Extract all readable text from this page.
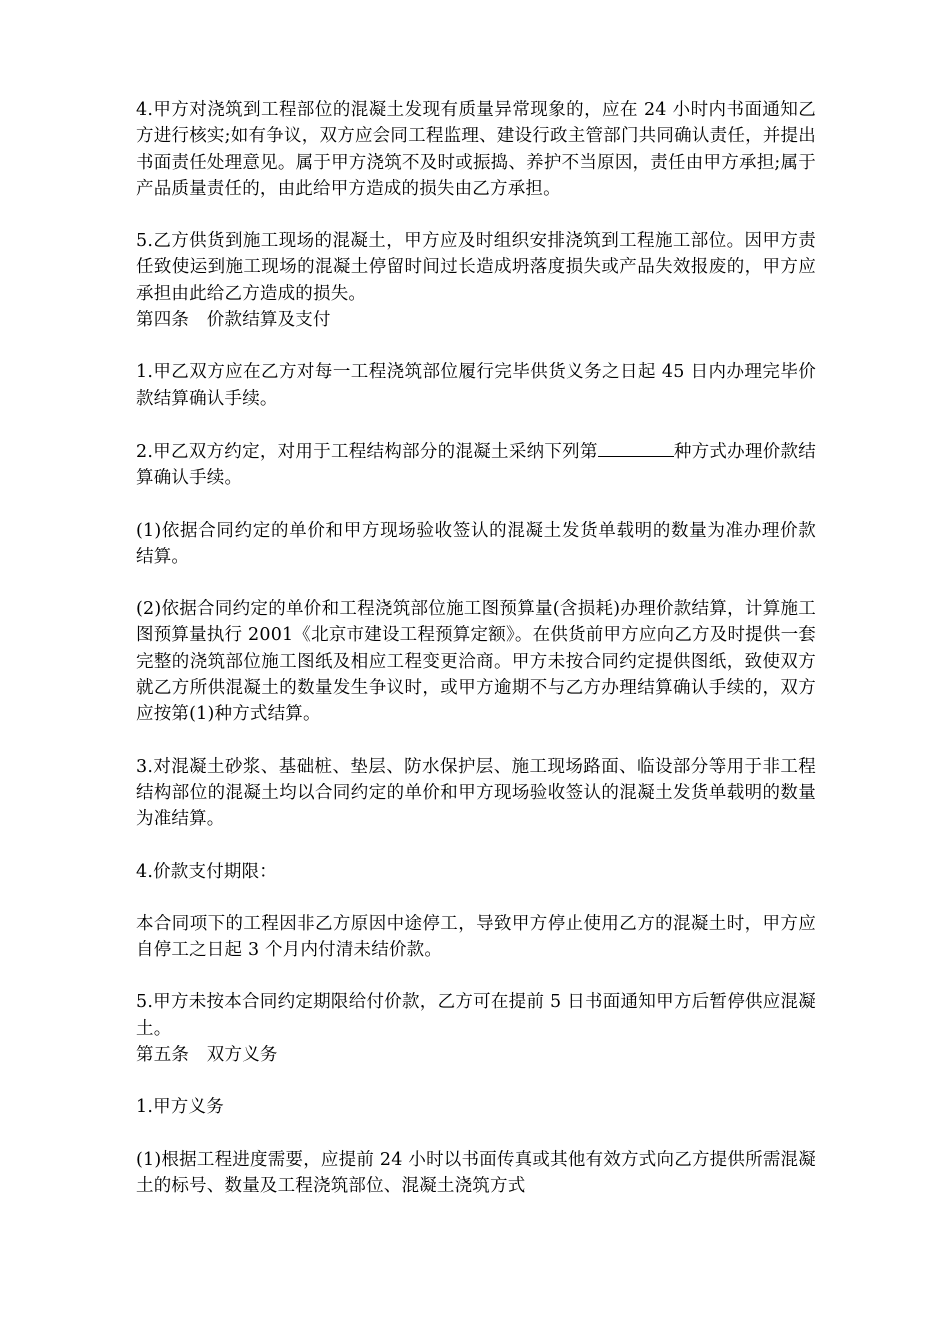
4.甲方对浇筑到工程部位的混凝土发现有质量异常现象的，应在 24 小时内书面通知乙方进行核实;如有争议，双方应会同工程监理、建设行政主管部门共同确认责任，并提出书面责任处理意见。属于甲方浇筑不及时或振捣、养护不当原因，责任由甲方承担;属于产品质量责任的，由此给甲方造成的损失由乙方承担。

5.乙方供货到施工现场的混凝土，甲方应及时组织安排浇筑到工程施工部位。因甲方责任致使运到施工现场的混凝土停留时间过长造成坍落度损失或产品失效报废的，甲方应承担由此给乙方造成的损失。

第四条　价款结算及支付

1.甲乙双方应在乙方对每一工程浇筑部位履行完毕供货义务之日起 45 日内办理完毕价款结算确认手续。

2.甲乙双方约定，对用于工程结构部分的混凝土采纳下列第	种方式办理价款结算确认手续。

(1)依据合同约定的单价和甲方现场验收签认的混凝土发货单载明的数量为准办理价款结算。

(2)依据合同约定的单价和工程浇筑部位施工图预算量(含损耗)办理价款结算，计算施工图预算量执行 2001《北京市建设工程预算定额》。在供货前甲方应向乙方及时提供一套完整的浇筑部位施工图纸及相应工程变更洽商。甲方未按合同约定提供图纸，致使双方就乙方所供混凝土的数量发生争议时，或甲方逾期不与乙方办理结算确认手续的，双方应按第(1)种方式结算。

3.对混凝土砂浆、基础桩、垫层、防水保护层、施工现场路面、临设部分等用于非工程结构部位的混凝土均以合同约定的单价和甲方现场验收签认的混凝土发货单载明的数量为准结算。

4.价款支付期限：

本合同项下的工程因非乙方原因中途停工，导致甲方停止使用乙方的混凝土时，甲方应自停工之日起 3 个月内付清未结价款。

5.甲方未按本合同约定期限给付价款，乙方可在提前 5 日书面通知甲方后暂停供应混凝土。

第五条　双方义务

1.甲方义务

(1)根据工程进度需要，应提前 24 小时以书面传真或其他有效方式向乙方提供所需混凝土的标号、数量及工程浇筑部位、混凝土浇筑方式
